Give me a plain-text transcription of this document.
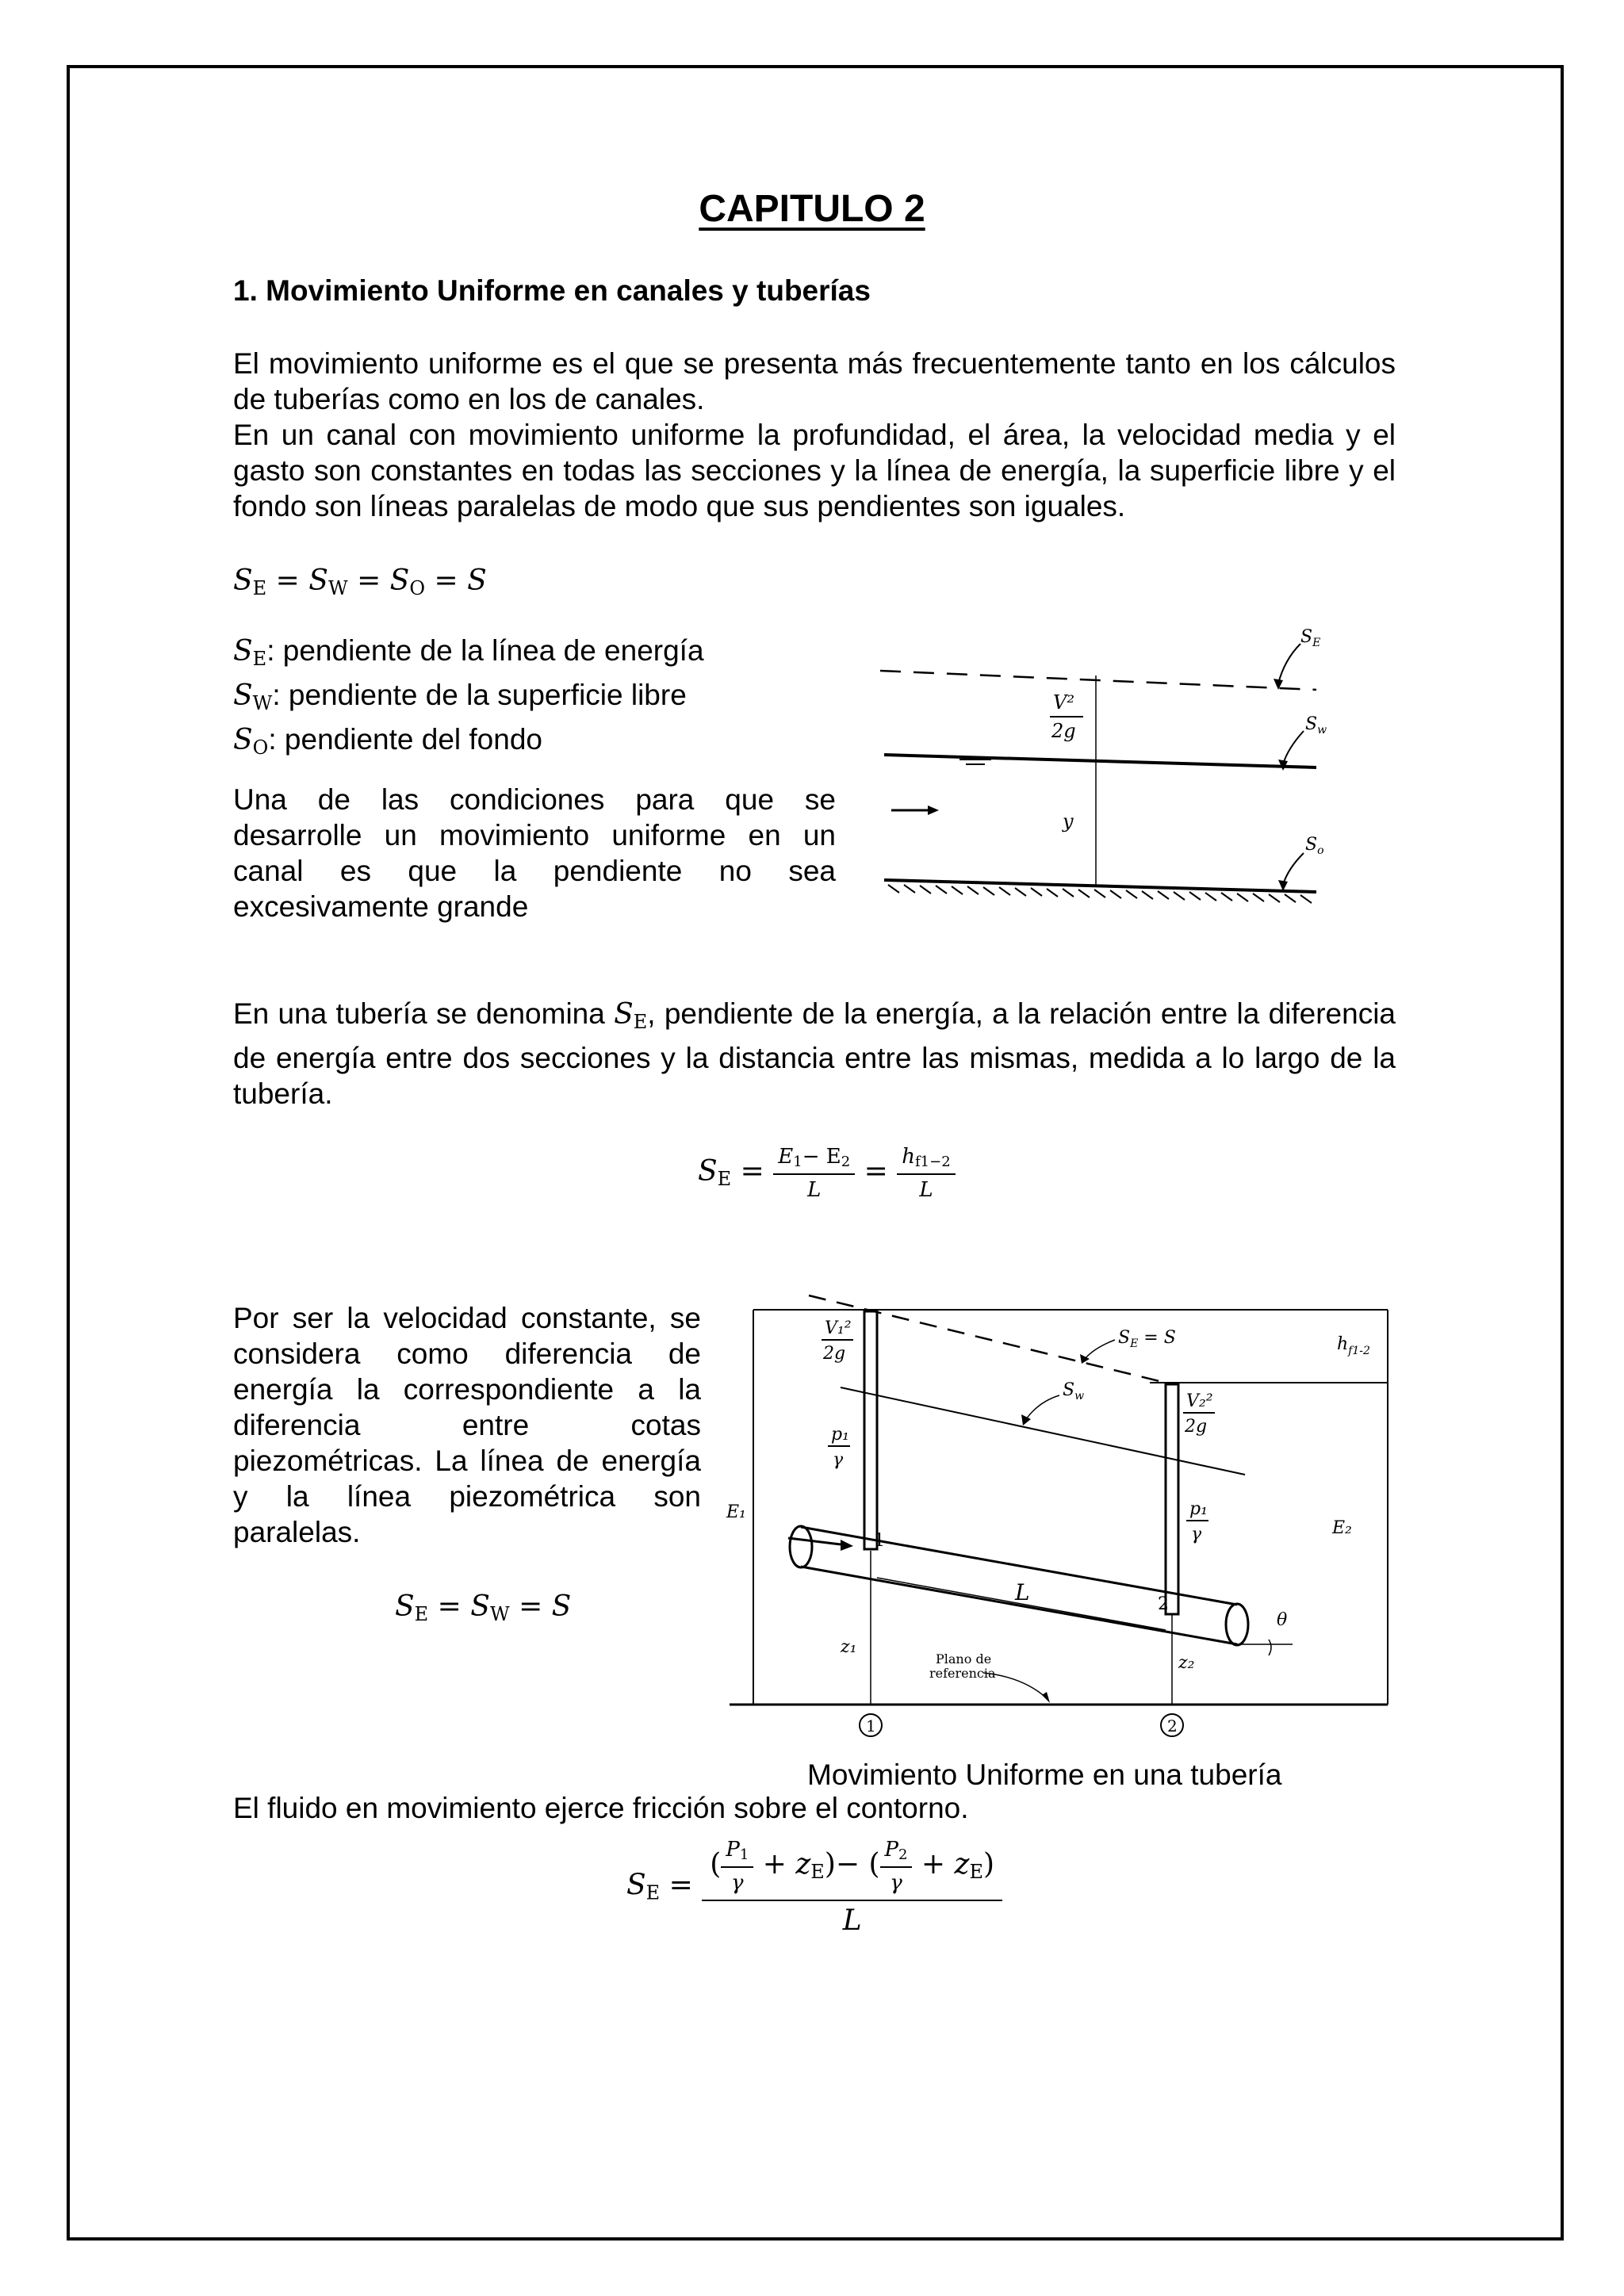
CAPITULO 2
1. Movimiento Uniforme en canales y tuberías
El movimiento uniforme es el que se presenta más frecuentemente tanto en los cálculos de tuberías como en los de canales.
En un canal con movimiento uniforme la profundidad, el área, la velocidad media y el gasto son constantes en todas las secciones y la línea de energía, la superficie libre y el fondo son líneas paralelas de modo que sus pendientes son iguales.
$S_E = S_W = S_O = S$
$S_E$: pendiente de la línea de energía
$S_W$: pendiente de la superficie libre
$S_O$: pendiente del fondo
Una de las condiciones para que se desarrolle un movimiento uniforme en un canal es que la pendiente no sea excesivamente grande
V²
2g
y
$S_E$
$S_w$
$S_o$
En una tubería se denomina $S_E$, pendiente de la energía, a la relación entre la diferencia de energía entre dos secciones y la distancia entre las mismas, medida a lo largo de la tubería.
$S_E = \frac{E_1- E_2}{L} = \frac{h_{f1-2}}{L}$
Por ser la velocidad constante, se considera como diferencia de energía la correspondiente a la diferencia entre cotas piezométricas. La línea de energía y la línea piezométrica son paralelas.
$S_E = S_W = S$	L
z₁
z₂
1
2
1	2
θ
Plano de
referencia
V₁²
2g
p₁
γ
V₂²
2g
p₁
γ
E₁
E₂
$h_{f1-2}$
$S_E = S$
$S_w$
Movimiento Uniforme en una tubería
El fluido en movimiento ejerce fricción sobre el contorno.
$S_E = \frac{( \frac{P_1}{\gamma} + z_E)- ( \frac{P_2}{\gamma} + z_E)}{L}$
